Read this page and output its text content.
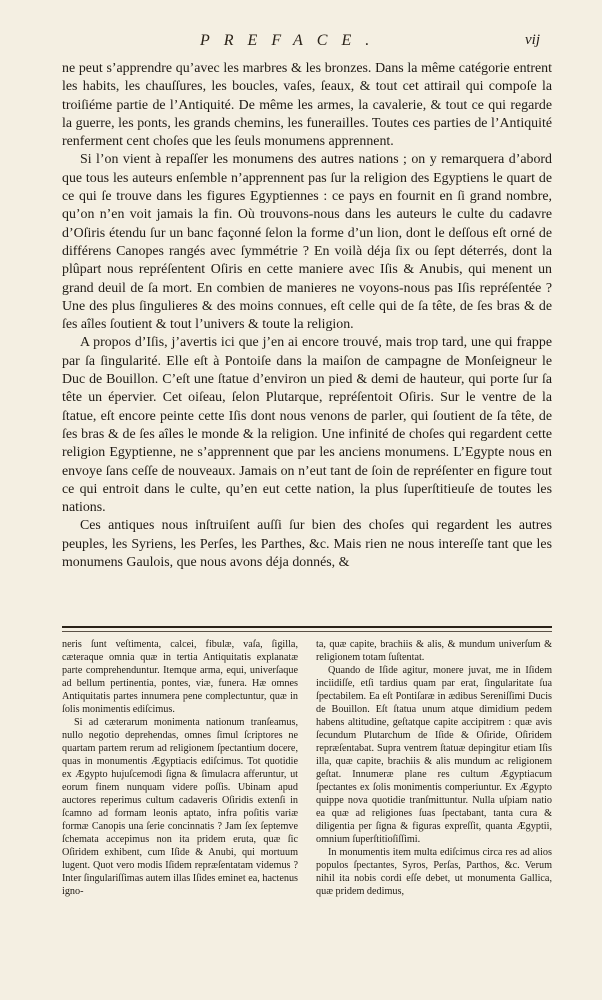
PREFACE.	vij

ne peut s’apprendre qu’avec les marbres & les bronzes. Dans la même catégorie entrent les habits, les chauſſures, les boucles, vaſes, ſeaux, & tout cet attirail qui compoſe la troiſiéme partie de l’Antiquité. De même les armes, la cavalerie, & tout ce qui regarde la guerre, les ponts, les grands chemins, les funerailles. Toutes ces parties de l’Antiquité renferment cent choſes que les ſeuls monumens apprennent.

Si l’on vient à repaſſer les monumens des autres nations ; on y remarquera d’abord que tous les auteurs enſemble n’apprennent pas ſur la religion des Egyptiens le quart de ce qui ſe trouve dans les figures Egyptiennes : ce pays en fournit en ſi grand nombre, qu’on n’en voit jamais la fin. Où trouvons-nous dans les auteurs le culte du cadavre d’Oſiris étendu ſur un banc façonné ſelon la forme d’un lion, dont le deſſous eſt orné de différens Canopes rangés avec ſymmétrie ? En voilà déja ſix ou ſept déterrés, dont la plûpart nous repréſentent Oſiris en cette maniere avec Iſis & Anubis, qui menent un grand deuil de ſa mort. En combien de manieres ne voyons-nous pas Iſis repréſentée ? Une des plus ſingulieres & des moins connues, eſt celle qui de ſa tête, de ſes bras & de ſes aîles ſoutient & tout l’univers & toute la religion.

A propos d’Iſis, j’avertis ici que j’en ai encore trouvé, mais trop tard, une qui frappe par ſa ſingularité. Elle eſt à Pontoiſe dans la maiſon de campagne de Monſeigneur le Duc de Bouillon. C’eſt une ſtatue d’environ un pied & demi de hauteur, qui porte ſur ſa tête un épervier. Cet oiſeau, ſelon Plutarque, repréſentoit Oſiris. Sur le ventre de la ſtatue, eſt encore peinte cette Iſis dont nous venons de parler, qui ſoutient de ſa tête, de ſes bras & de ſes aîles le monde & la religion. Une infinité de choſes qui regardent cette religion Egyptienne, ne s’apprennent que par les anciens monumens. L’Egypte nous en envoye ſans ceſſe de nouveaux. Jamais on n’eut tant de ſoin de repréſenter en figure tout ce qui entroit dans le culte, qu’en eut cette nation, la plus ſuperſtitieuſe de toutes les nations.

Ces antiques nous inſtruiſent auſſi ſur bien des choſes qui regardent les autres peuples, les Syriens, les Perſes, les Parthes, &c. Mais rien ne nous intereſſe tant que les monumens Gaulois, que nous avons déja donnés, &

neris ſunt veſtimenta, calcei, fibulæ, vaſa, ſigilla, cæteraque omnia quæ in tertia Antiquitatis explanatæ parte comprehenduntur. Itemque arma, equi, univerſaque ad bellum pertinentia, pontes, viæ, funera. Hæ omnes Antiquitatis partes innumera pene complectuntur, quæ in ſolis monimentis ediſcimus.

Si ad cæterarum monimenta nationum tranſeamus, nullo negotio deprehendas, omnes ſimul ſcriptores ne quartam partem rerum ad religionem ſpectantium docere, quas in monumentis Ægyptiacis ediſcimus. Tot quotidie ex Ægypto hujuſcemodi ſigna & ſimulacra afferuntur, ut eorum finem nunquam videre poſſis. Ubinam apud auctores reperimus cultum cadaveris Oſiridis extenſi in ſcamno ad formam leonis aptato, infra poſitis variæ formæ Canopis una ſerie concinnatis ? Jam ſex ſeptemve ſchemata accepimus non ita pridem eruta, quæ ſic Oſiridem exhibent, cum Iſide & Anubi, qui mortuum lugent. Quot vero modis Iſidem repræſentatam videmus ? Inter ſingulariſſimas autem illas Iſides eminet ea, hactenus igno-

ta, quæ capite, brachiis & alis, & mundum univerſum & religionem totam ſuſtentat.

Quando de Iſide agitur, monere juvat, me in Iſidem inciidiſſe, etſi tardius quam par erat, ſingularitate ſua ſpectabilem. Ea eſt Pontiſaræ in ædibus Sereniſſimi Ducis de Bouillon. Eſt ſtatua unum atque dimidium pedem habens altitudine, geſtatque capite accipitrem : quæ avis ſecundum Plutarchum de Iſide & Oſiride, Oſiridem repræſentabat. Supra ventrem ſtatuæ depingitur etiam Iſis illa, quæ capite, brachiis & alis mundum ac religionem geſtat. Innumeræ plane res cultum Ægyptiacum ſpectantes ex ſolis monimentis comperiuntur. Ex Ægypto quippe nova quotidie tranſmittuntur. Nulla uſpiam natio ea quæ ad religiones ſuas ſpectabant, tanta cura & diligentia per ſigna & figuras expreſſit, quanta Ægyptii, omnium ſuperſtitioſiſſimi.

In monumentis item multa ediſcimus circa res ad alios populos ſpectantes, Syros, Perſas, Parthos, &c. Verum nihil ita nobis cordi eſſe debet, ut monumenta Gallica, quæ pridem dedimus,
